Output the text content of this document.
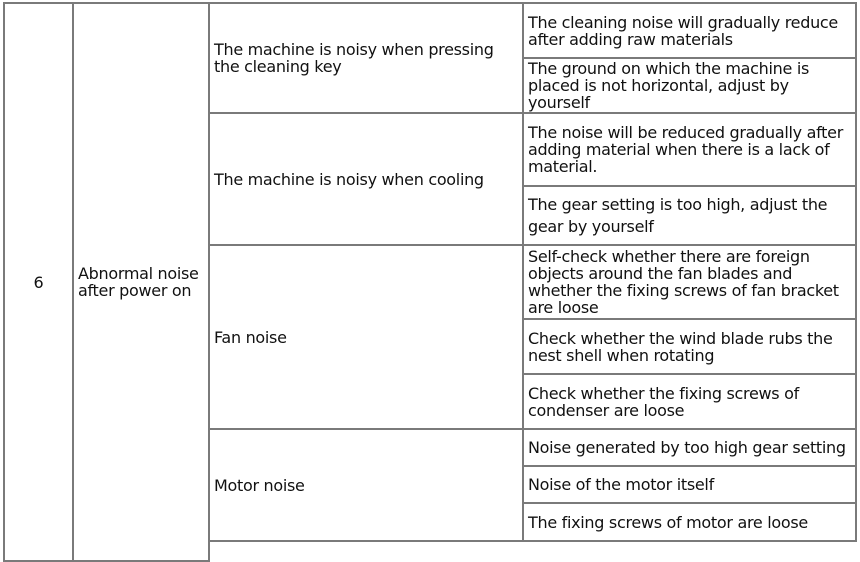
6 Abnormal noise after power on
The machine is noisy when pressing the cleaning key
The cleaning noise will gradually reduce after adding raw materials
The ground on which the machine is placed is not horizontal, adjust by yourself
The machine is noisy when cooling
The noise will be reduced gradually after adding material when there is a lack of material.
The gear setting is too high, adjust the gear by yourself
Fan noise
Self-check whether there are foreign objects around the fan blades and whether the fixing screws of fan bracket are loose
Check whether the wind blade rubs the nest shell when rotating
Check whether the fixing screws of condenser are loose
Motor noise
Noise generated by too high gear setting
Noise of the motor itself
The fixing screws of motor are loose
